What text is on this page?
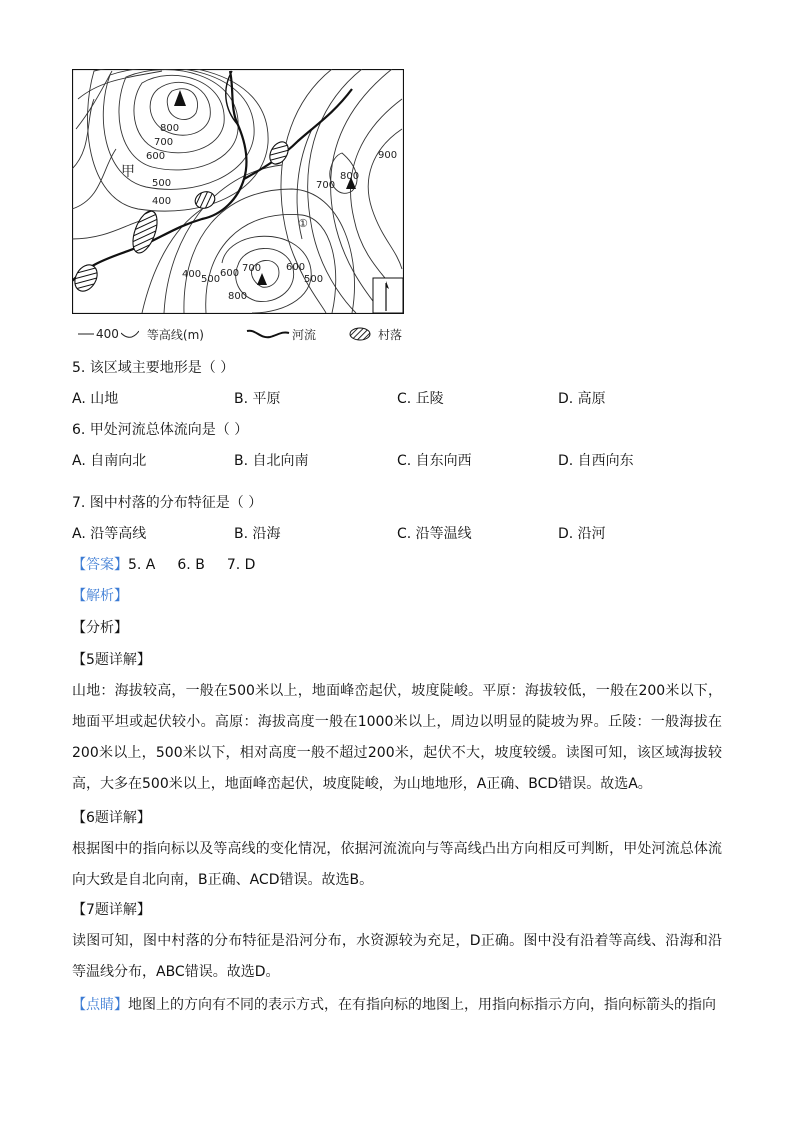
800
700
600
500
400
900
800
700
400 500
600 700
800
600
500
甲
①
400 等高线(m)	河流	村落
5. 该区域主要地形是（ ）
A. 山地	B. 平原	C. 丘陵	D. 高原
6. 甲处河流总体流向是（ ）
A. 自南向北	B. 自北向南	C. 自东向西	D. 自西向东
7. 图中村落的分布特征是（ ）
A. 沿等高线	B. 沿海	C. 沿等温线	D. 沿河
【答案】5. A 6. B 7. D
【解析】
【分析】
【5题详解】
山地：海拔较高，一般在500米以上，地面峰峦起伏，坡度陡峻。平原：海拔较低，一般在200米以下，地面平坦或起伏较小。高原：海拔高度一般在1000米以上，周边以明显的陡坡为界。丘陵：一般海拔在200米以上，500米以下，相对高度一般不超过200米，起伏不大，坡度较缓。读图可知，该区域海拔较高，大多在500米以上，地面峰峦起伏，坡度陡峻，为山地地形，A正确、BCD错误。故选A。
【6题详解】
根据图中的指向标以及等高线的变化情况，依据河流流向与等高线凸出方向相反可判断，甲处河流总体流向大致是自北向南，B正确、ACD错误。故选B。
【7题详解】
读图可知，图中村落的分布特征是沿河分布，水资源较为充足，D正确。图中没有沿着等高线、沿海和沿等温线分布，ABC错误。故选D。
【点睛】地图上的方向有不同的表示方式，在有指向标的地图上，用指向标指示方向，指向标箭头的指向
